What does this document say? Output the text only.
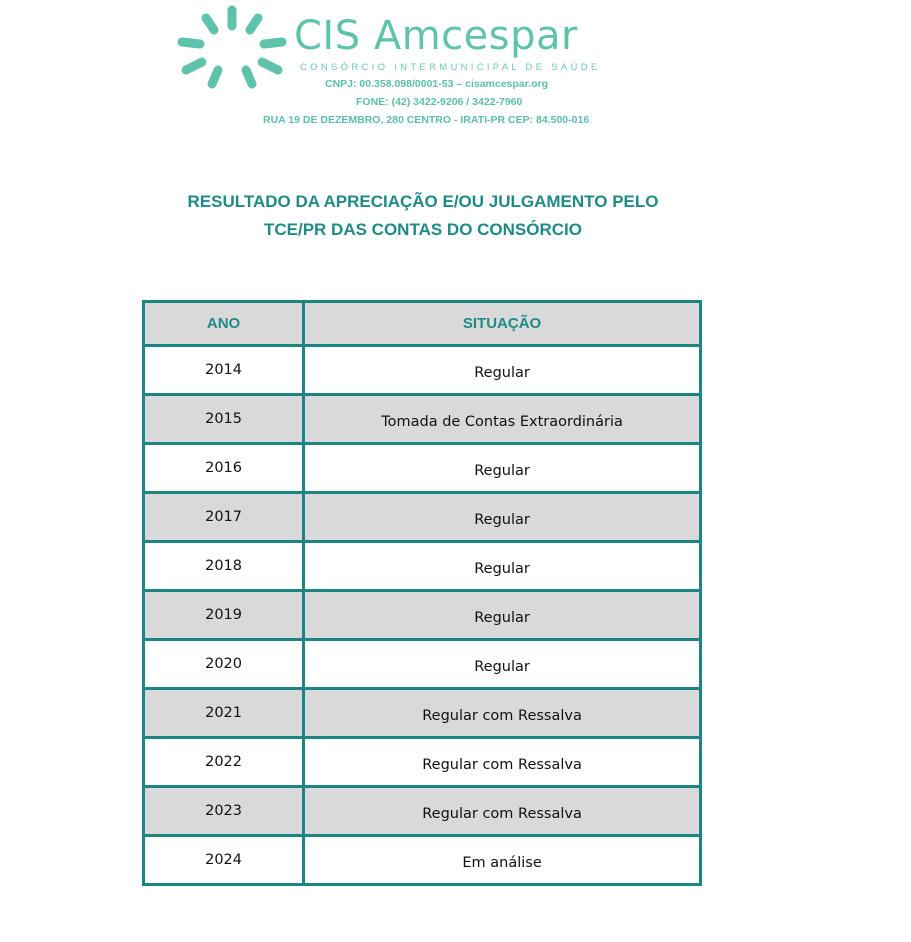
CIS Amcespar
CONSÓRCIO INTERMUNICIPAL DE SAÚDE
CNPJ: 00.358.098/0001-53 – cisamcespar.org
FONE: (42) 3422-9206 / 3422-7960
RUA 19 DE DEZEMBRO, 280 CENTRO - IRATI-PR CEP: 84.500-016
RESULTADO DA APRECIAÇÃO E/OU JULGAMENTO PELO
TCE/PR DAS CONTAS DO CONSÓRCIO
ANO	SITUAÇÃO
2014	Regular
2015	Tomada de Contas Extraordinária
2016	Regular
2017	Regular
2018	Regular
2019	Regular
2020	Regular
2021	Regular com Ressalva
2022	Regular com Ressalva
2023	Regular com Ressalva
2024	Em análise
